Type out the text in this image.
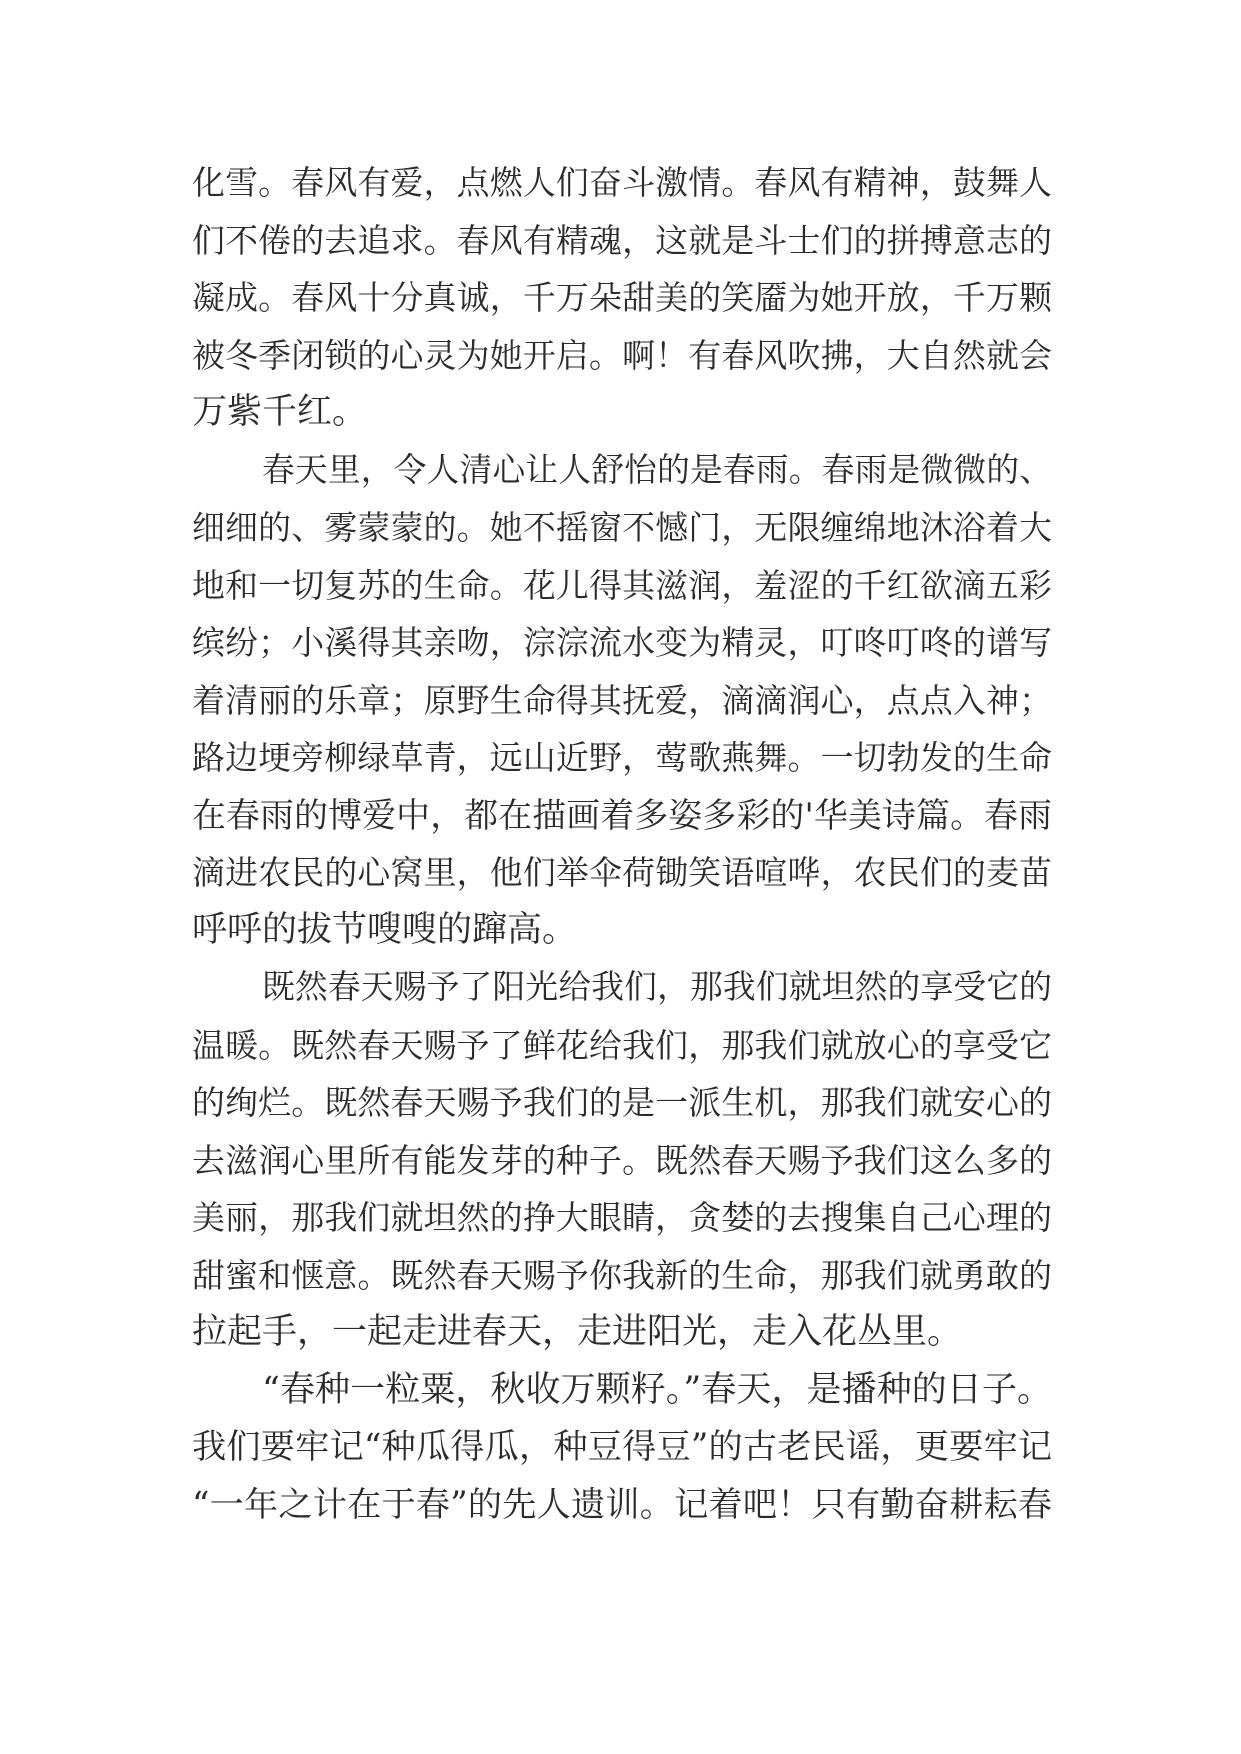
化雪。春风有爱，点燃人们奋斗激情。春风有精神，鼓舞人
们不倦的去追求。春风有精魂，这就是斗士们的拼搏意志的
凝成。春风十分真诚，千万朵甜美的笑靥为她开放，千万颗
被冬季闭锁的心灵为她开启。啊！有春风吹拂，大自然就会
万紫千红。
春天里，令人清心让人舒怡的是春雨。春雨是微微的、
细细的、雾蒙蒙的。她不摇窗不憾门，无限缠绵地沐浴着大
地和一切复苏的生命。花儿得其滋润，羞涩的千红欲滴五彩
缤纷；小溪得其亲吻，淙淙流水变为精灵，叮咚叮咚的谱写
着清丽的乐章；原野生命得其抚爱，滴滴润心，点点入神；
路边埂旁柳绿草青，远山近野，莺歌燕舞。一切勃发的生命
在春雨的博爱中，都在描画着多姿多彩的'华美诗篇。春雨
滴进农民的心窝里，他们举伞荷锄笑语喧哗，农民们的麦苗
呼呼的拔节嗖嗖的蹿高。
既然春天赐予了阳光给我们，那我们就坦然的享受它的
温暖。既然春天赐予了鲜花给我们，那我们就放心的享受它
的绚烂。既然春天赐予我们的是一派生机，那我们就安心的
去滋润心里所有能发芽的种子。既然春天赐予我们这么多的
美丽，那我们就坦然的挣大眼睛，贪婪的去搜集自己心理的
甜蜜和惬意。既然春天赐予你我新的生命，那我们就勇敢的
拉起手，一起走进春天，走进阳光，走入花丛里。
“春种一粒粟，秋收万颗籽。”春天，是播种的日子。
我们要牢记“种瓜得瓜，种豆得豆”的古老民谣，更要牢记
“一年之计在于春”的先人遗训。记着吧！只有勤奋耕耘春
